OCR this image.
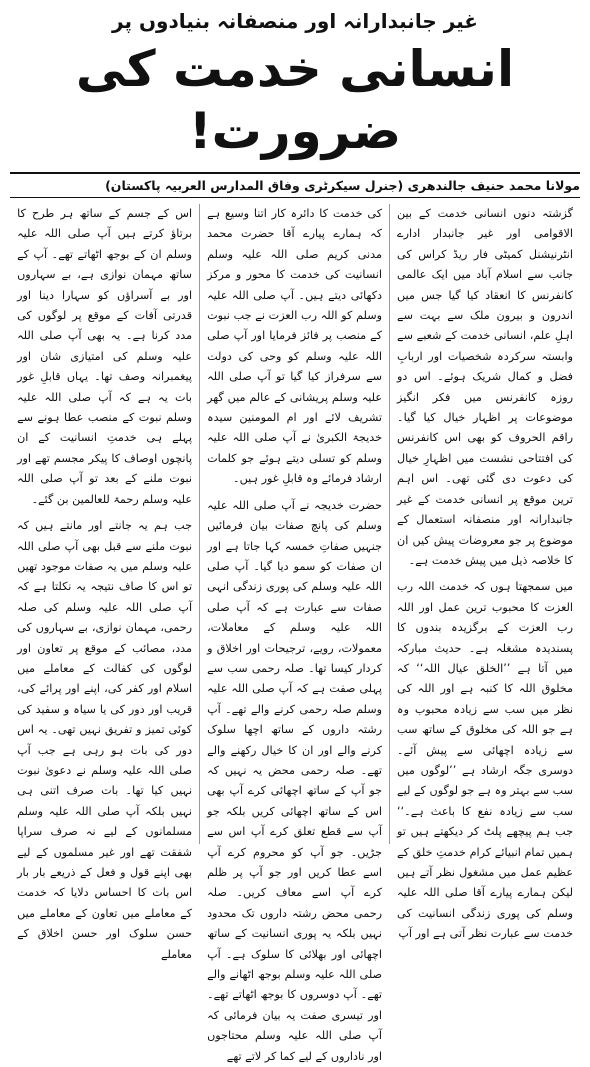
غیر جانبدارانہ اور منصفانہ بنیادوں پر
انسانی خدمت کی ضرورت!
مولانا محمد حنیف جالندھری (جنرل سیکرٹری وفاق المدارس العربیہ پاکستان)

گزشتہ دنوں انسانی خدمت کے بین الاقوامی اور غیر جانبدار ادارے انٹرنیشنل کمیٹی فار ریڈ کراس کی جانب سے اسلام آباد میں ایک عالمی کانفرنس کا انعقاد کیا گیا جس میں اندرون و بیرون ملک سے بہت سے اہلِ علم، انسانی خدمت کے شعبے سے وابستہ سرکردہ شخصیات اور اربابِ فضل و کمال شریک ہوئے۔ اس دو روزہ کانفرنس میں فکر انگیز موضوعات پر اظہار خیال کیا گیا۔ راقم الحروف کو بھی اس کانفرنس کی افتتاحی نشست میں اظہارِ خیال کی دعوت دی گئی تھی۔ اس اہم ترین موقع پر انسانی خدمت کے غیر جانبدارانہ اور منصفانہ استعمال کے موضوع پر جو معروضات پیش کیں ان کا خلاصہ ذیل میں پیش خدمت ہے۔

میں سمجھتا ہوں کہ خدمت اللہ رب العزت کا محبوب ترین عمل اور اللہ رب العزت کے برگزیدہ بندوں کا پسندیدہ مشغلہ ہے۔ حدیث مبارکہ میں آتا ہے ’’الخلق عیال اللہ‘‘ کہ مخلوق اللہ کا کنبہ ہے اور اللہ کی نظر میں سب سے زیادہ محبوب وہ ہے جو اللہ کی مخلوق کے ساتھ سب سے زیادہ اچھائی سے پیش آئے۔ دوسری جگہ ارشاد ہے ’’لوگوں میں سب سے بہتر وہ ہے جو لوگوں کے لیے سب سے زیادہ نفع کا باعث ہے۔‘‘ جب ہم پیچھے پلٹ کر دیکھتے ہیں تو ہمیں تمام انبیائے کرام خدمتِ خلق کے عظیم عمل میں مشغول نظر آتے ہیں لیکن ہمارے پیارے آقا صلی اللہ علیہ وسلم کی پوری زندگی انسانیت کی خدمت سے عبارت نظر آتی ہے اور آپ

کی خدمت کا دائرہ کار اتنا وسیع ہے کہ ہمارے پیارے آقا حضرت محمد مدنی کریم صلی اللہ علیہ وسلم انسانیت کی خدمت کا محور و مرکز دکھائی دیتے ہیں۔ آپ صلی اللہ علیہ وسلم کو اللہ رب العزت نے جب نبوت کے منصب پر فائز فرمایا اور آپ صلی اللہ علیہ وسلم کو وحی کی دولت سے سرفراز کیا گیا تو آپ صلی اللہ علیہ وسلم پریشانی کے عالم میں گھر تشریف لائے اور ام المومنین سیدہ خدیجۃ الکبریٰ نے آپ صلی اللہ علیہ وسلم کو تسلی دیتے ہوئے جو کلمات ارشاد فرمائے وہ قابلِ غور ہیں۔

حضرت خدیجہ نے آپ صلی اللہ علیہ وسلم کی پانچ صفات بیان فرمائیں جنہیں صفاتِ خمسہ کہا جاتا ہے اور ان صفات کو سمو دیا گیا۔ آپ صلی اللہ علیہ وسلم کی پوری زندگی انہی صفات سے عبارت ہے کہ آپ صلی اللہ علیہ وسلم کے معاملات، معمولات، رویے، ترجیحات اور اخلاق و کردار کیسا تھا۔ صلہ رحمی سب سے پہلی صفت ہے کہ آپ صلی اللہ علیہ وسلم صلہ رحمی کرنے والے تھے۔ آپ رشتہ داروں کے ساتھ اچھا سلوک کرنے والے اور ان کا خیال رکھنے والے تھے۔ صلہ رحمی محض یہ نہیں کہ جو آپ کے ساتھ اچھائی کرے آپ بھی اس کے ساتھ اچھائی کریں بلکہ جو آپ سے قطع تعلق کرے آپ اس سے جڑیں۔ جو آپ کو محروم کرے آپ اسے عطا کریں اور جو آپ پر ظلم کرے آپ اسے معاف کریں۔ صلہ رحمی محض رشتہ داروں تک محدود نہیں بلکہ یہ پوری انسانیت کے ساتھ اچھائی اور بھلائی کا سلوک ہے۔ آپ صلی اللہ علیہ وسلم بوجھ اٹھانے والے تھے۔ آپ دوسروں کا بوجھ اٹھاتے تھے۔ اور تیسری صفت یہ بیان فرمائی کہ آپ صلی اللہ علیہ وسلم محتاجوں اور ناداروں کے لیے کما کر لاتے تھے

اس کے جسم کے ساتھ ہر طرح کا برتاؤ کرتے ہیں آپ صلی اللہ علیہ وسلم ان کے بوجھ اٹھاتے تھے۔ آپ کے ساتھ مہمان نوازی ہے، بے سہاروں اور بے آسراؤں کو سہارا دینا اور قدرتی آفات کے موقع پر لوگوں کی مدد کرنا ہے۔ یہ بھی آپ صلی اللہ علیہ وسلم کی امتیازی شان اور پیغمبرانہ وصف تھا۔ یہاں قابلِ غور بات یہ ہے کہ آپ صلی اللہ علیہ وسلم نبوت کے منصب عطا ہونے سے پہلے ہی خدمتِ انسانیت کے ان پانچوں اوصاف کا پیکر مجسم تھے اور نبوت ملنے کے بعد تو آپ صلی اللہ علیہ وسلم رحمۃ للعالمین بن گئے۔

جب ہم یہ جانتے اور مانتے ہیں کہ نبوت ملنے سے قبل بھی آپ صلی اللہ علیہ وسلم میں یہ صفات موجود تھیں تو اس کا صاف نتیجہ یہ نکلتا ہے کہ آپ صلی اللہ علیہ وسلم کی صلہ رحمی، مہمان نوازی، بے سہاروں کی مدد، مصائب کے موقع پر تعاون اور لوگوں کی کفالت کے معاملے میں اسلام اور کفر کی، اپنے اور پرائے کی، قریب اور دور کی یا سیاہ و سفید کی کوئی تمیز و تفریق نہیں تھی۔ یہ اس دور کی بات ہو رہی ہے جب آپ صلی اللہ علیہ وسلم نے دعویٰ نبوت نہیں کیا تھا۔ بات صرف اتنی ہی نہیں بلکہ آپ صلی اللہ علیہ وسلم مسلمانوں کے لیے نہ صرف سراپا شفقت تھے اور غیر مسلموں کے لیے بھی اپنے قول و فعل کے ذریعے بار بار اس بات کا احساس دلایا کہ خدمت کے معاملے میں تعاون کے معاملے میں حسن سلوک اور حسن اخلاق کے معاملے
